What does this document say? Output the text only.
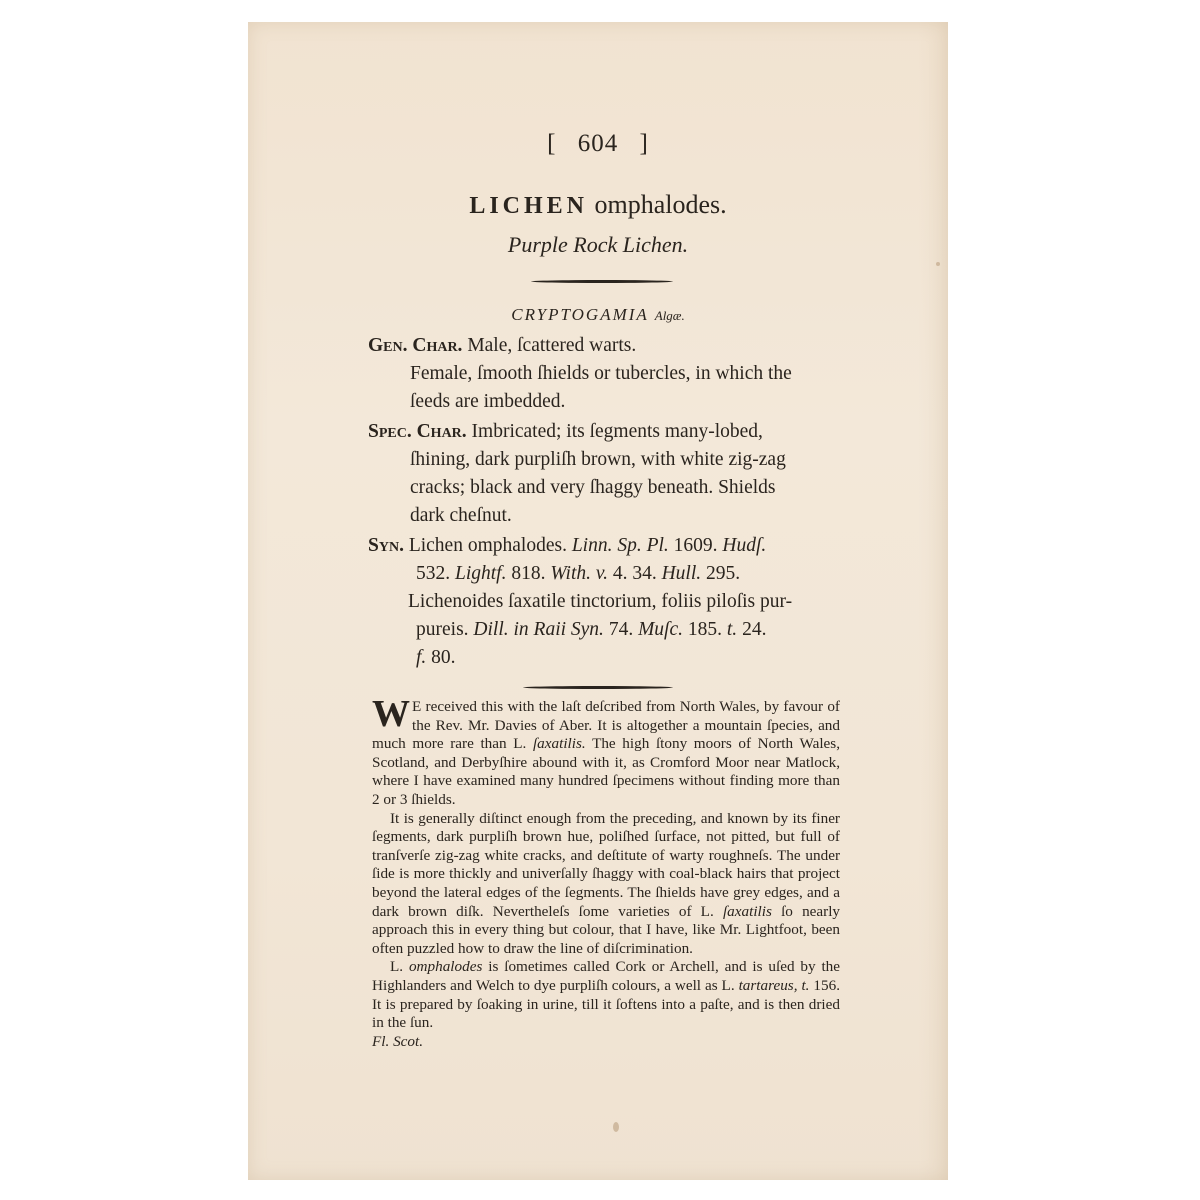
[ 604 ]
LICHEN omphalodes.
Purple Rock Lichen.
CRYPTOGAMIA Algæ.
Gen. Char. Male, ſcattered warts.
Female, ſmooth ſhields or tubercles, in which the
ſeeds are imbedded.
Spec. Char. Imbricated; its ſegments many-lobed,
ſhining, dark purpliſh brown, with white zig-zag
cracks; black and very ſhaggy beneath. Shields
dark cheſnut.
Syn. Lichen omphalodes. Linn. Sp. Pl. 1609. Hudſ.
532. Lightf. 818. With. v. 4. 34. Hull. 295.
Lichenoides ſaxatile tinctorium, foliis piloſis pur-
pureis. Dill. in Raii Syn. 74. Muſc. 185. t. 24.
f. 80.

W E received this with the laſt deſcribed from North Wales, by favour of the Rev. Mr. Davies of Aber. It is altogether a mountain ſpecies, and much more rare than L. ſaxatilis. The high ſtony moors of North Wales, Scotland, and Derbyſhire abound with it, as Cromford Moor near Matlock, where I have examined many hundred ſpecimens without finding more than 2 or 3 ſhields.

It is generally diſtinct enough from the preceding, and known by its finer ſegments, dark purpliſh brown hue, poliſhed ſurface, not pitted, but full of tranſverſe zig-zag white cracks, and deſtitute of warty roughneſs. The under ſide is more thickly and univerſally ſhaggy with coal-black hairs that project beyond the lateral edges of the ſegments. The ſhields have grey edges, and a dark brown diſk. Nevertheleſs ſome varieties of L. ſaxatilis ſo nearly approach this in every thing but colour, that I have, like Mr. Lightfoot, been often puzzled how to draw the line of diſcrimination.

L. omphalodes is ſometimes called Cork or Archell, and is uſed by the Highlanders and Welch to dye purpliſh colours, a well as L. tartareus, t. 156. It is prepared by ſoaking in urine, till it ſoftens into a paſte, and is then dried in the ſun.

Fl. Scot.
